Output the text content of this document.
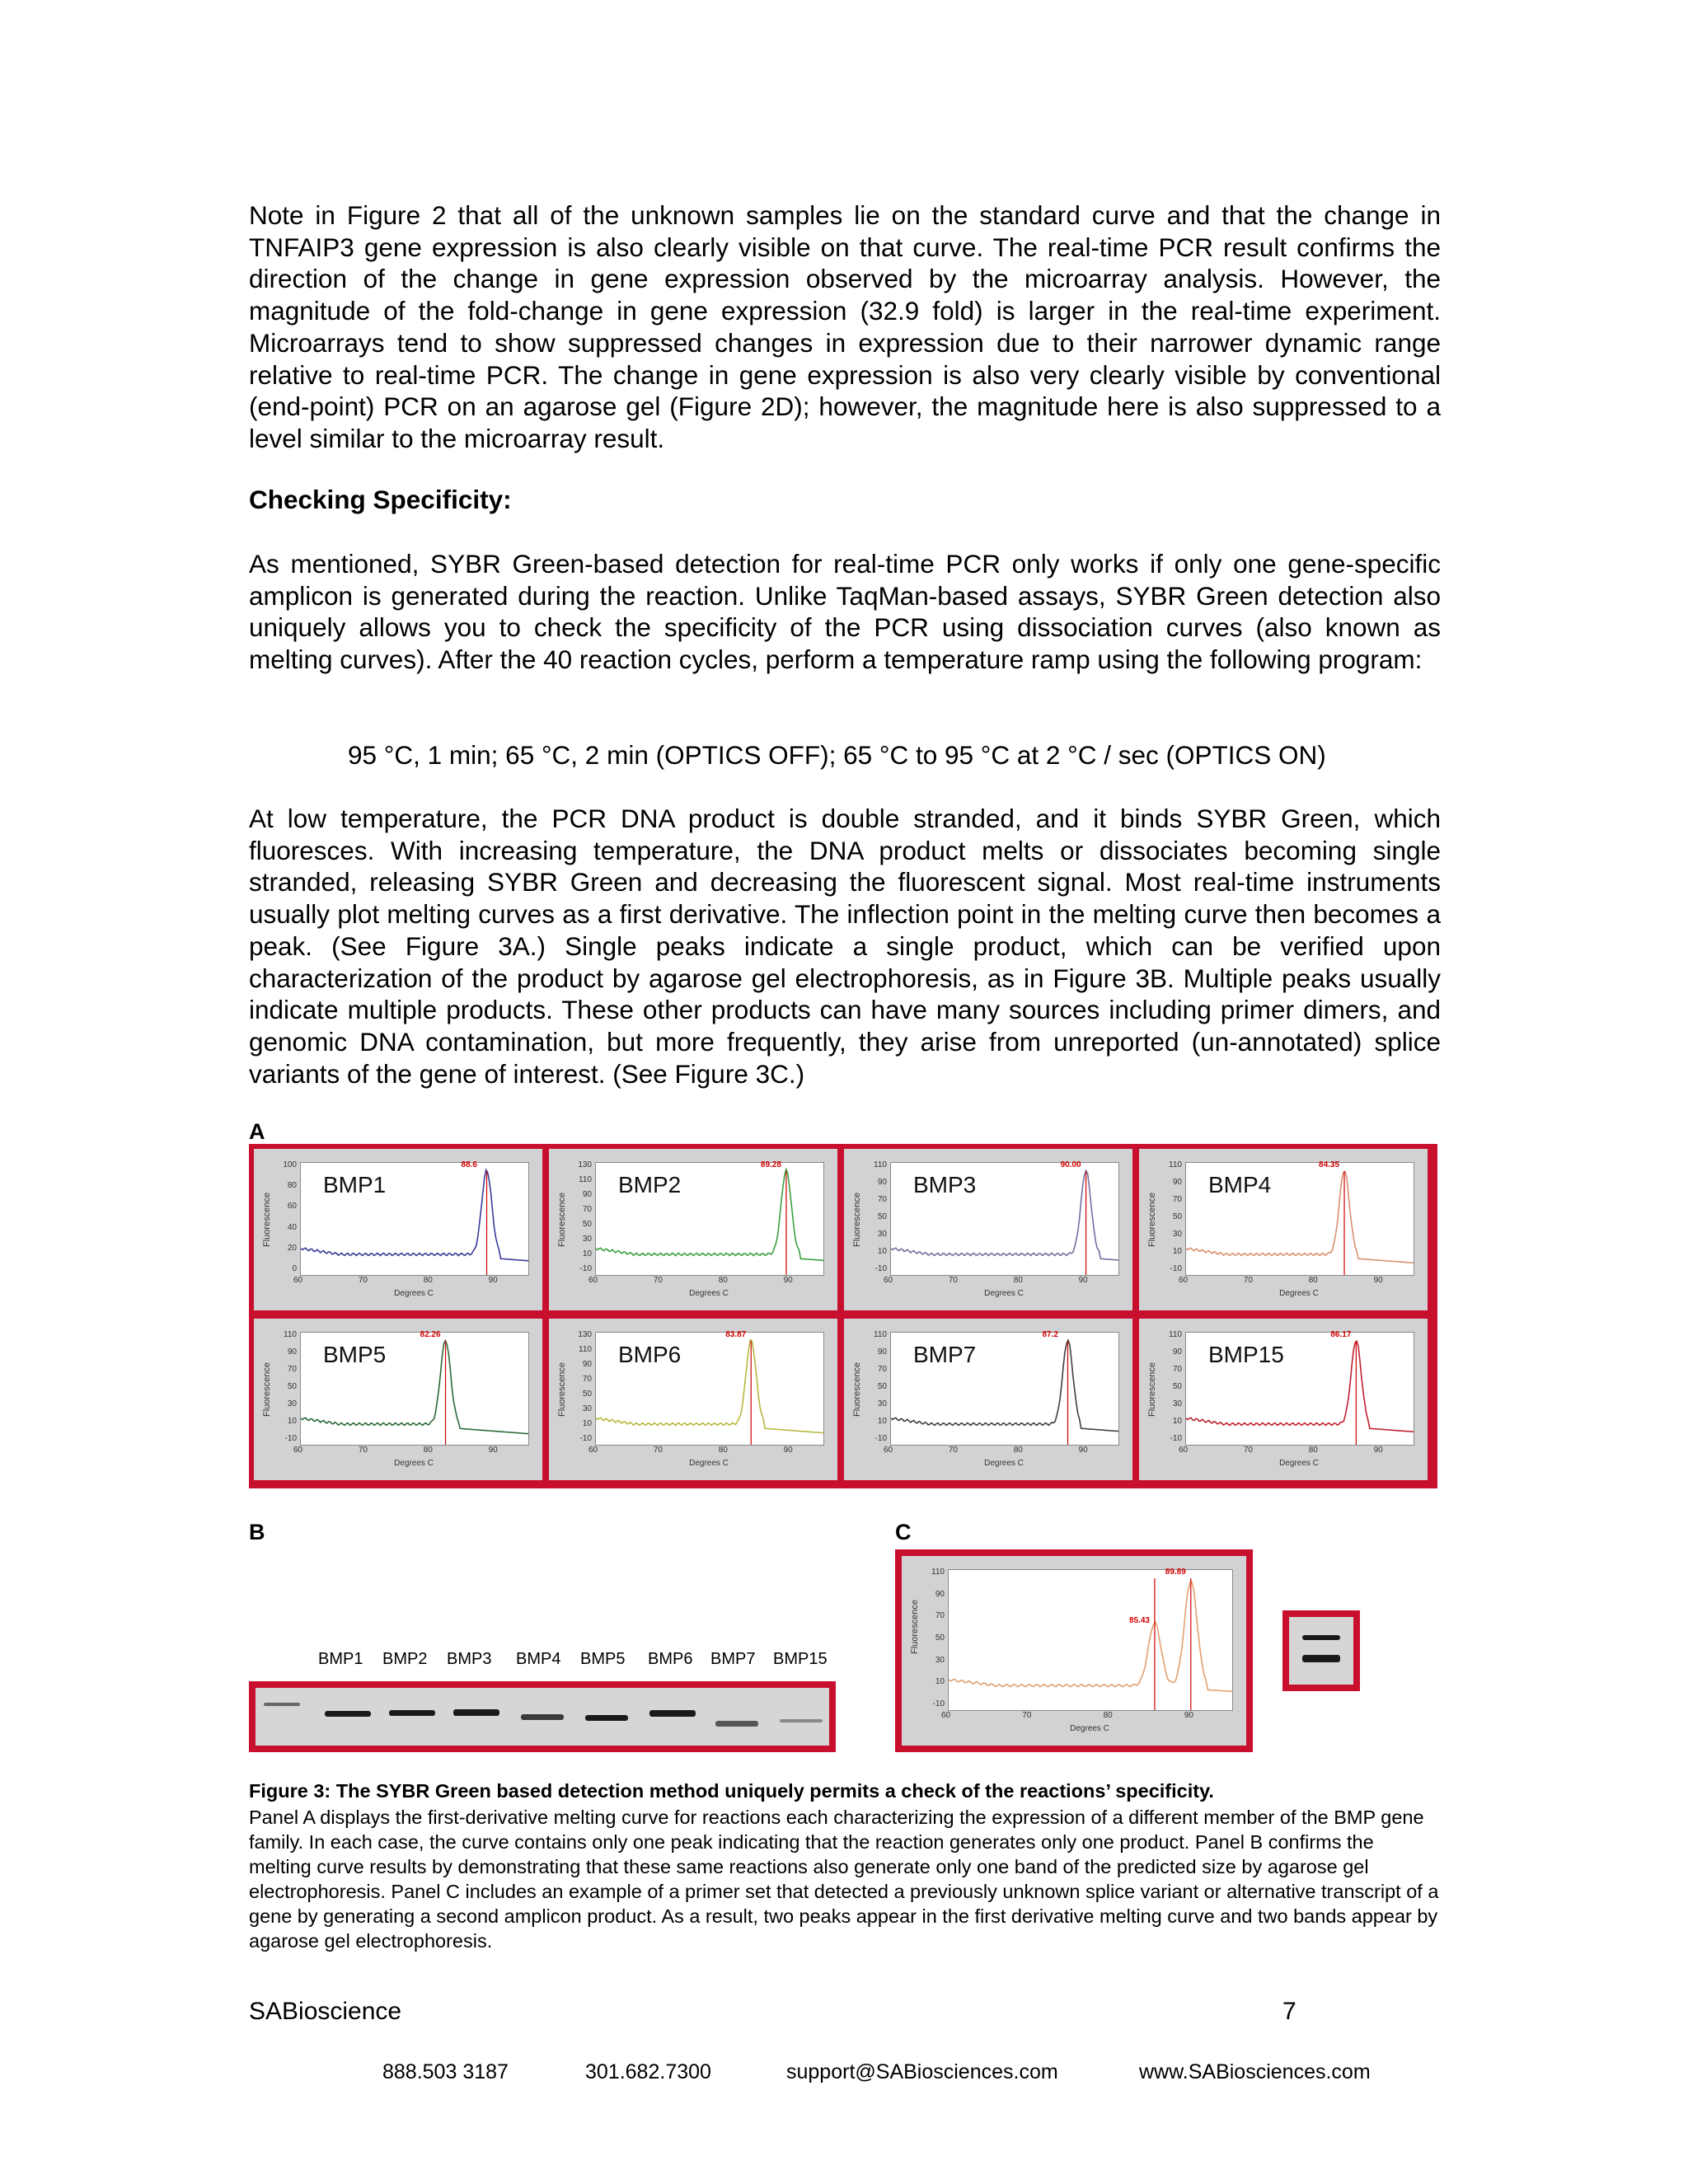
Note in Figure 2 that all of the unknown samples lie on the standard curve and that the change in TNFAIP3 gene expression is also clearly visible on that curve. The real-time PCR result confirms the direction of the change in gene expression observed by the microarray analysis. However, the magnitude of the fold-change in gene expression (32.9 fold) is larger in the real-time experiment. Microarrays tend to show suppressed changes in expression due to their narrower dynamic range relative to real-time PCR. The change in gene expression is also very clearly visible by conventional (end-point) PCR on an agarose gel (Figure 2D); however, the magnitude here is also suppressed to a level similar to the microarray result.
Checking Specificity:
As mentioned, SYBR Green-based detection for real-time PCR only works if only one gene-specific amplicon is generated during the reaction. Unlike TaqMan-based assays, SYBR Green detection also uniquely allows you to check the specificity of the PCR using dissociation curves (also known as melting curves). After the 40 reaction cycles, perform a temperature ramp using the following program:
95 °C, 1 min; 65 °C, 2 min (OPTICS OFF); 65 °C to 95 °C at 2 °C / sec (OPTICS ON)
At low temperature, the PCR DNA product is double stranded, and it binds SYBR Green, which fluoresces. With increasing temperature, the DNA product melts or dissociates becoming single stranded, releasing SYBR Green and decreasing the fluorescent signal. Most real-time instruments usually plot melting curves as a first derivative. The inflection point in the melting curve then becomes a peak. (See Figure 3A.) Single peaks indicate a single product, which can be verified upon characterization of the product by agarose gel electrophoresis, as in Figure 3B. Multiple peaks usually indicate multiple products. These other products can have many sources including primer dimers, and genomic DNA contamination, but more frequently, they arise from unreported (un-annotated) splice variants of the gene of interest. (See Figure 3C.)
A
88.6
BMP1
100
80
60
40
20
0
Fluorescence
60	70	80	90
Degrees C
89.28
BMP2
130
110
90
70
50
30
10
-10
Fluorescence
60	70	80	90
Degrees C
90.00
BMP3
110
90
70
50
30
10
-10
Fluorescence
60	70	80	90
Degrees C
84.35
BMP4
110
90
70
50
30
10
-10
Fluorescence
60	70	80	90
Degrees C
82.26
BMP5
110
90
70
50
30
10
-10
Fluorescence
60	70	80	90
Degrees C
83.87
BMP6
130
110
90
70
50
30
10
-10
Fluorescence
60	70	80	90
Degrees C
87.2
BMP7
110
90
70
50
30
10
-10
Fluorescence
60	70	80	90
Degrees C
86.17
BMP15
110
90
70
50
30
10
-10
Fluorescence
60	70	80	90
Degrees C
B	C
BMP1 BMP2 BMP3 BMP4 BMP5 BMP6 BMP7 BMP15
85.43
89.89
110
90
70
50
30
10
-10
Fluorescence
60	70	80	90
Degrees C
Figure 3: The SYBR Green based detection method uniquely permits a check of the reactions’ specificity.
Panel A displays the first-derivative melting curve for reactions each characterizing the expression of a different member of the BMP gene family. In each case, the curve contains only one peak indicating that the reaction generates only one product. Panel B confirms the melting curve results by demonstrating that these same reactions also generate only one band of the predicted size by agarose gel electrophoresis. Panel C includes an example of a primer set that detected a previously unknown splice variant or alternative transcript of a gene by generating a second amplicon product. As a result, two peaks appear in the first derivative melting curve and two bands appear by agarose gel electrophoresis.
SABioscience	7
888.503 3187	301.682.7300	support@SABiosciences.com	www.SABiosciences.com
